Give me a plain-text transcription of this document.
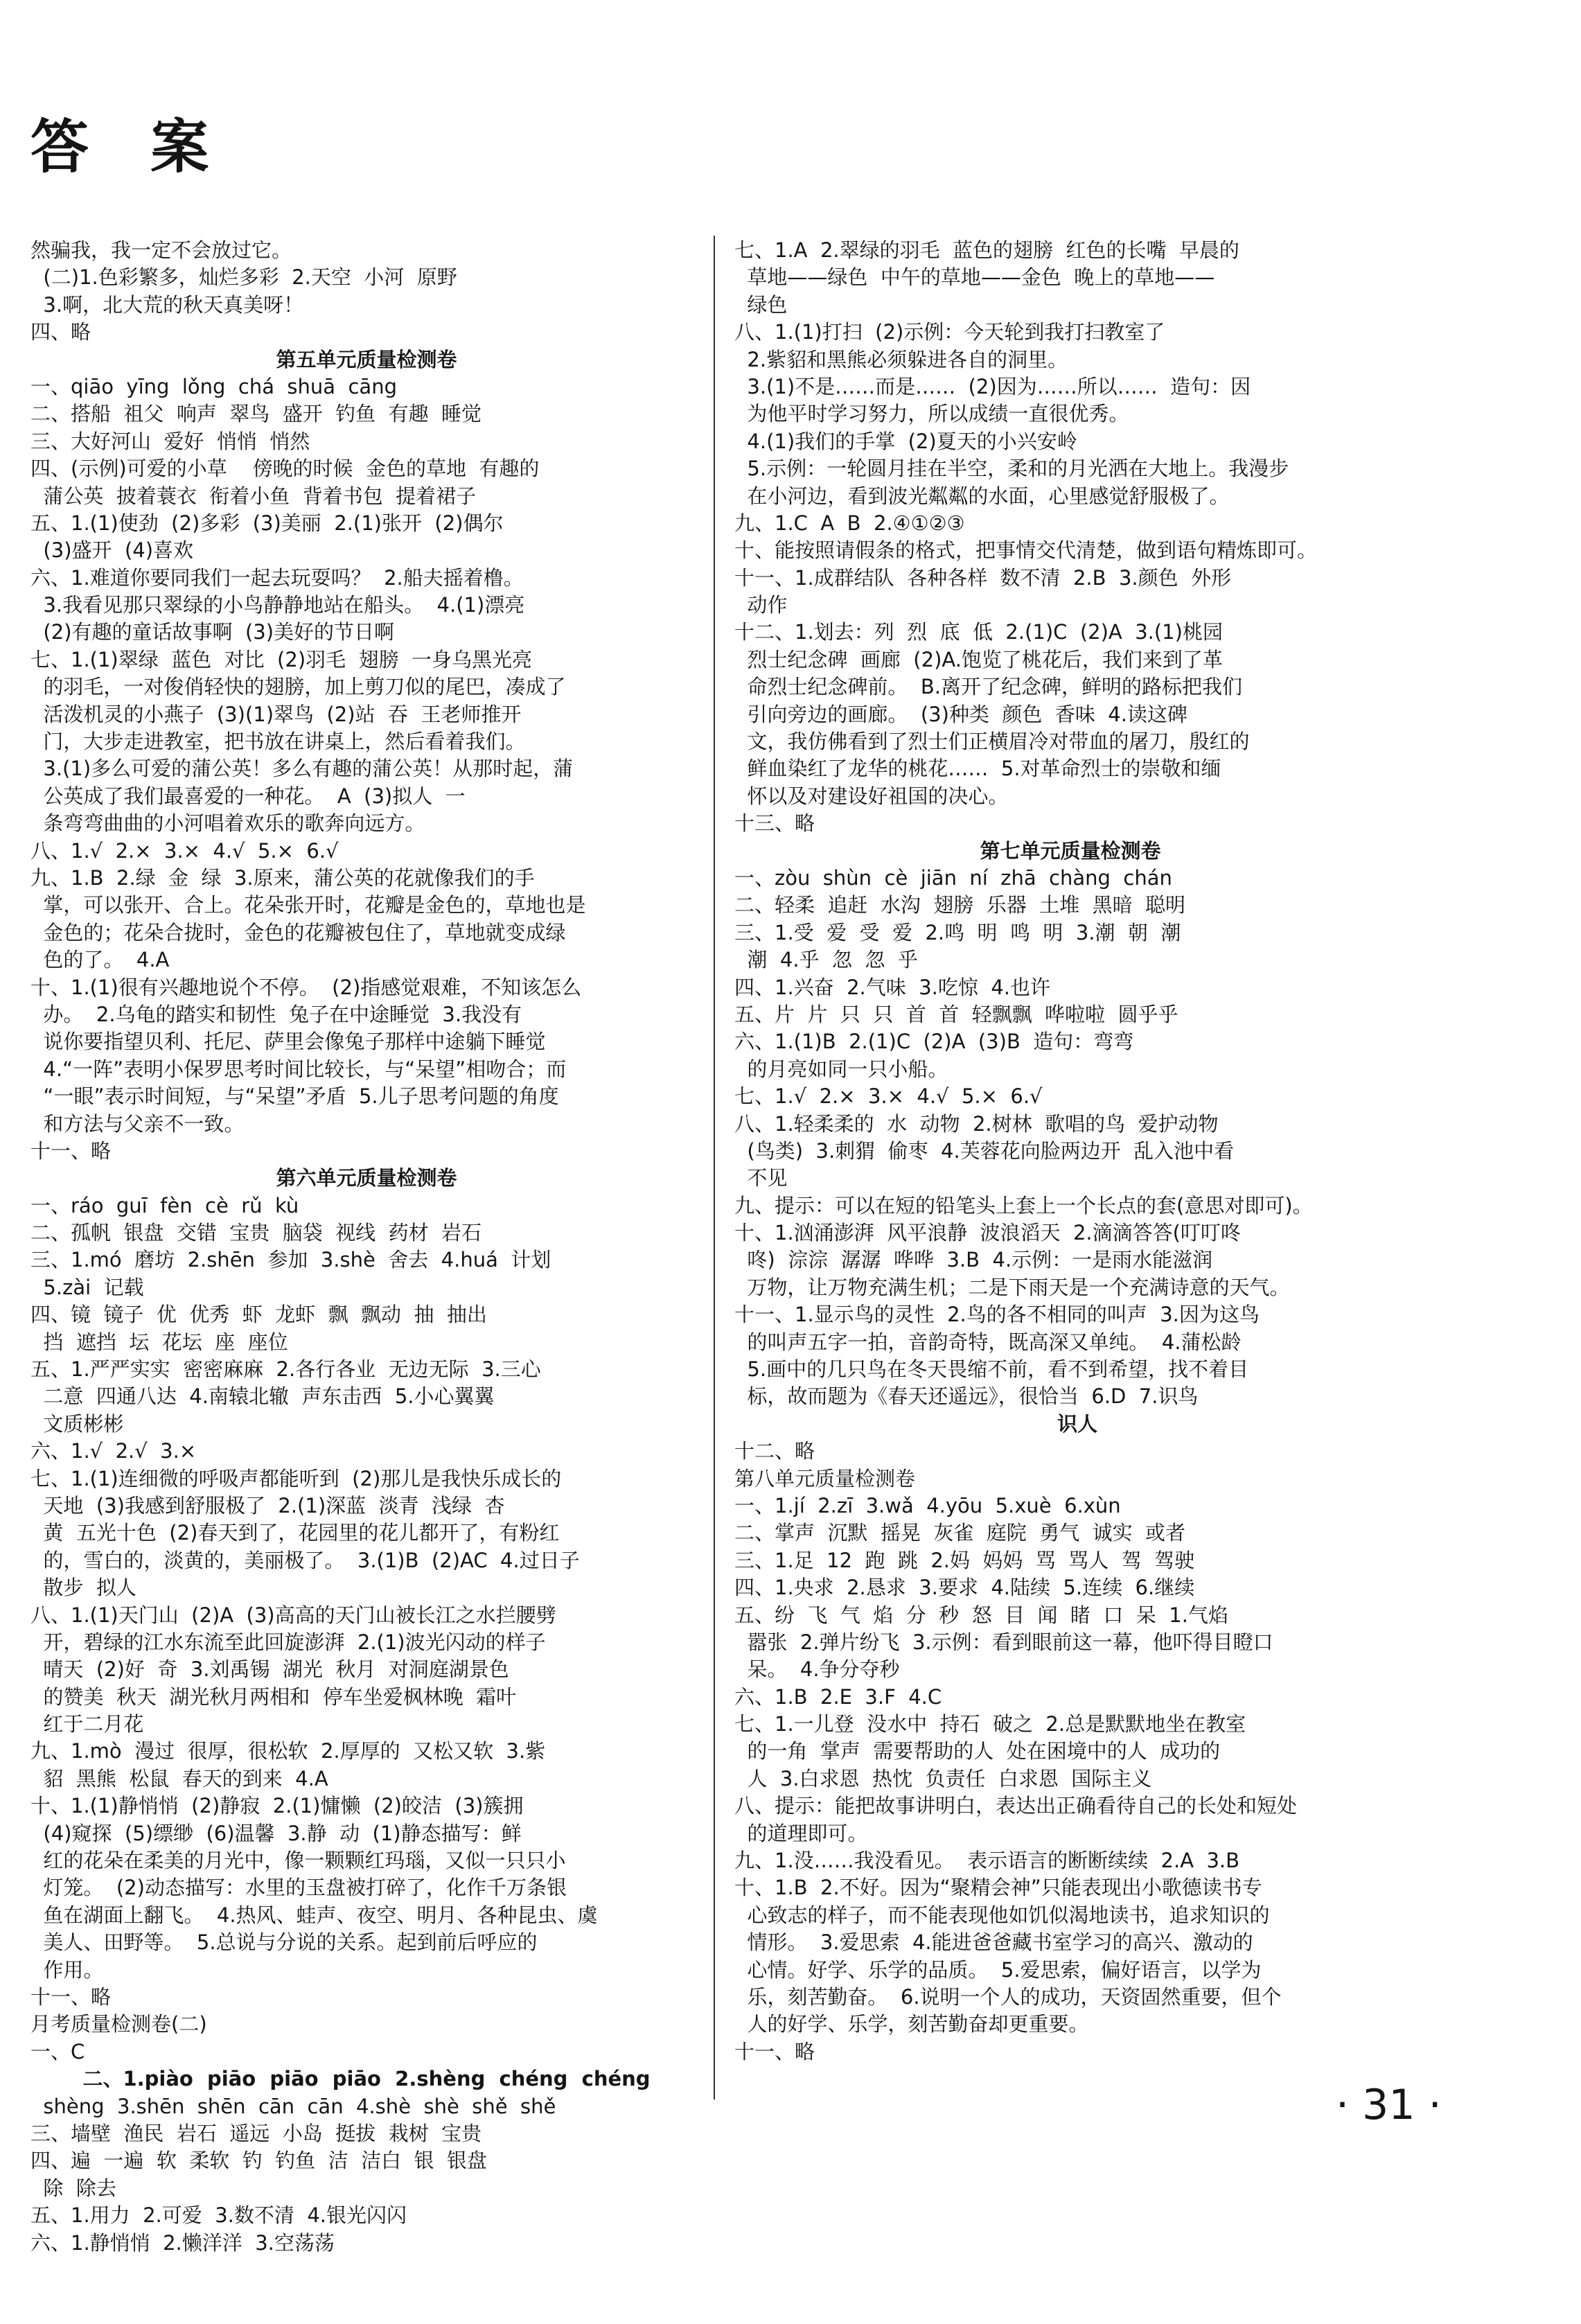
答 案
然骗我，我一定不会放过它。
(二)1.色彩繁多，灿烂多彩  2.天空  小河  原野
3.啊，北大荒的秋天真美呀！
四、略
第五单元质量检测卷
一、qiāo  yīng  lǒng  chá  shuā  cāng
二、搭船  祖父  响声  翠鸟  盛开  钓鱼  有趣  睡觉
三、大好河山  爱好  悄悄  悄然
四、(示例)可爱的小草    傍晚的时候  金色的草地  有趣的
蒲公英  披着蓑衣  衔着小鱼  背着书包  提着裙子
五、1.(1)使劲  (2)多彩  (3)美丽  2.(1)张开  (2)偶尔
(3)盛开  (4)喜欢
六、1.难道你要同我们一起去玩耍吗？  2.船夫摇着橹。
3.我看见那只翠绿的小鸟静静地站在船头。  4.(1)漂亮
(2)有趣的童话故事啊  (3)美好的节日啊
七、1.(1)翠绿  蓝色  对比  (2)羽毛  翅膀  一身乌黑光亮
的羽毛，一对俊俏轻快的翅膀，加上剪刀似的尾巴，凑成了
活泼机灵的小燕子  (3)(1)翠鸟  (2)站  吞  王老师推开
门，大步走进教室，把书放在讲桌上，然后看着我们。
3.(1)多么可爱的蒲公英！多么有趣的蒲公英！从那时起，蒲
公英成了我们最喜爱的一种花。  A  (3)拟人  一
条弯弯曲曲的小河唱着欢乐的歌奔向远方。
八、1.√  2.×  3.×  4.√  5.×  6.√
九、1.B  2.绿  金  绿  3.原来，蒲公英的花就像我们的手
掌，可以张开、合上。花朵张开时，花瓣是金色的，草地也是
金色的；花朵合拢时，金色的花瓣被包住了，草地就变成绿
色的了。  4.A
十、1.(1)很有兴趣地说个不停。  (2)指感觉艰难，不知该怎么
办。  2.乌龟的踏实和韧性  兔子在中途睡觉  3.我没有
说你要指望贝利、托尼、萨里会像兔子那样中途躺下睡觉
4.“一阵”表明小保罗思考时间比较长，与“呆望”相吻合；而
“一眼”表示时间短，与“呆望”矛盾  5.儿子思考问题的角度
和方法与父亲不一致。
十一、略
第六单元质量检测卷
一、ráo  guī  fèn  cè  rǔ  kù
二、孤帆  银盘  交错  宝贵  脑袋  视线  药材  岩石
三、1.mó  磨坊  2.shēn  参加  3.shè  舍去  4.huá  计划
5.zài  记载
四、镜  镜子  优  优秀  虾  龙虾  飘  飘动  抽  抽出
挡  遮挡  坛  花坛  座  座位
五、1.严严实实  密密麻麻  2.各行各业  无边无际  3.三心
二意  四通八达  4.南辕北辙  声东击西  5.小心翼翼
文质彬彬
六、1.√  2.√  3.×
七、1.(1)连细微的呼吸声都能听到  (2)那儿是我快乐成长的
天地  (3)我感到舒服极了  2.(1)深蓝  淡青  浅绿  杏
黄  五光十色  (2)春天到了，花园里的花儿都开了，有粉红
的，雪白的，淡黄的，美丽极了。  3.(1)B  (2)AC  4.过日子
散步  拟人
八、1.(1)天门山  (2)A  (3)高高的天门山被长江之水拦腰劈
开，碧绿的江水东流至此回旋澎湃  2.(1)波光闪动的样子
晴天  (2)好  奇  3.刘禹锡  湖光  秋月  对洞庭湖景色
的赞美  秋天  湖光秋月两相和  停车坐爱枫林晚  霜叶
红于二月花
九、1.mò  漫过  很厚，很松软  2.厚厚的  又松又软  3.紫
貂  黑熊  松鼠  春天的到来  4.A
十、1.(1)静悄悄  (2)静寂  2.(1)慵懒  (2)皎洁  (3)簇拥
(4)窥探  (5)缥缈  (6)温馨  3.静  动  (1)静态描写：鲜
红的花朵在柔美的月光中，像一颗颗红玛瑙，又似一只只小
灯笼。  (2)动态描写：水里的玉盘被打碎了，化作千万条银
鱼在湖面上翻飞。  4.热风、蛙声、夜空、明月、各种昆虫、虞
美人、田野等。  5.总说与分说的关系。起到前后呼应的
作用。
十一、略
月考质量检测卷(二)
一、C
二、1.piào  piāo  piāo  piāo  2.shèng  chéng  chéng
shèng  3.shēn  shēn  cān  cān  4.shè  shè  shě  shě
三、墙壁  渔民  岩石  遥远  小岛  挺拔  栽树  宝贵
四、遍  一遍  软  柔软  钓  钓鱼  洁  洁白  银  银盘
除  除去
五、1.用力  2.可爱  3.数不清  4.银光闪闪
六、1.静悄悄  2.懒洋洋  3.空荡荡
七、1.A  2.翠绿的羽毛  蓝色的翅膀  红色的长嘴  早晨的
草地——绿色  中午的草地——金色  晚上的草地——
绿色
八、1.(1)打扫  (2)示例：今天轮到我打扫教室了
2.紫貂和黑熊必须躲进各自的洞里。
3.(1)不是……而是……  (2)因为……所以……  造句：因
为他平时学习努力，所以成绩一直很优秀。
4.(1)我们的手掌  (2)夏天的小兴安岭
5.示例：一轮圆月挂在半空，柔和的月光洒在大地上。我漫步
在小河边，看到波光粼粼的水面，心里感觉舒服极了。
九、1.C  A  B  2.④①②③
十、能按照请假条的格式，把事情交代清楚，做到语句精炼即可。
十一、1.成群结队  各种各样  数不清  2.B  3.颜色  外形
动作
十二、1.划去：列  烈  底  低  2.(1)C  (2)A  3.(1)桃园
烈士纪念碑  画廊  (2)A.饱览了桃花后，我们来到了革
命烈士纪念碑前。  B.离开了纪念碑，鲜明的路标把我们
引向旁边的画廊。  (3)种类  颜色  香味  4.读这碑
文，我仿佛看到了烈士们正横眉冷对带血的屠刀，殷红的
鲜血染红了龙华的桃花……  5.对革命烈士的崇敬和缅
怀以及对建设好祖国的决心。
十三、略
第七单元质量检测卷
一、zòu  shùn  cè  jiān  ní  zhā  chàng  chán
二、轻柔  追赶  水沟  翅膀  乐器  土堆  黑暗  聪明
三、1.受  爱  受  爱  2.鸣  明  鸣  明  3.潮  朝  潮
潮  4.乎  忽  忽  乎
四、1.兴奋  2.气味  3.吃惊  4.也许
五、片  片  只  只  首  首  轻飘飘  哗啦啦  圆乎乎
六、1.(1)B  2.(1)C  (2)A  (3)B  造句：弯弯
的月亮如同一只小船。
七、1.√  2.×  3.×  4.√  5.×  6.√
八、1.轻柔柔的  水  动物  2.树林  歌唱的鸟  爱护动物
(鸟类)  3.刺猬  偷枣  4.芙蓉花向脸两边开  乱入池中看
不见
九、提示：可以在短的铅笔头上套上一个长点的套(意思对即可)。
十、1.汹涌澎湃  风平浪静  波浪滔天  2.滴滴答答(叮叮咚
咚)  淙淙  潺潺  哗哗  3.B  4.示例：一是雨水能滋润
万物，让万物充满生机；二是下雨天是一个充满诗意的天气。
十一、1.显示鸟的灵性  2.鸟的各不相同的叫声  3.因为这鸟
的叫声五字一拍，音韵奇特，既高深又单纯。  4.蒲松龄
5.画中的几只鸟在冬天畏缩不前，看不到希望，找不着目
标，故而题为《春天还遥远》，很恰当  6.D  7.识鸟
识人
十二、略
第八单元质量检测卷
一、1.jí  2.zī  3.wǎ  4.yōu  5.xuè  6.xùn
二、掌声  沉默  摇晃  灰雀  庭院  勇气  诚实  或者
三、1.足  12  跑  跳  2.妈  妈妈  骂  骂人  驾  驾驶
四、1.央求  2.恳求  3.要求  4.陆续  5.连续  6.继续
五、纷  飞  气  焰  分  秒  怒  目  闻  睹  口  呆  1.气焰
嚣张  2.弹片纷飞  3.示例：看到眼前这一幕，他吓得目瞪口
呆。  4.争分夺秒
六、1.B  2.E  3.F  4.C
七、1.一儿登  没水中  持石  破之  2.总是默默地坐在教室
的一角  掌声  需要帮助的人  处在困境中的人  成功的
人  3.白求恩  热忱  负责任  白求恩  国际主义
八、提示：能把故事讲明白，表达出正确看待自己的长处和短处
的道理即可。
九、1.没……我没看见。  表示语言的断断续续  2.A  3.B
十、1.B  2.不好。因为“聚精会神”只能表现出小歌德读书专
心致志的样子，而不能表现他如饥似渴地读书，追求知识的
情形。  3.爱思索  4.能进爸爸藏书室学习的高兴、激动的
心情。好学、乐学的品质。  5.爱思索，偏好语言，以学为
乐，刻苦勤奋。  6.说明一个人的成功，天资固然重要，但个
人的好学、乐学，刻苦勤奋却更重要。
十一、略
· 31 ·
